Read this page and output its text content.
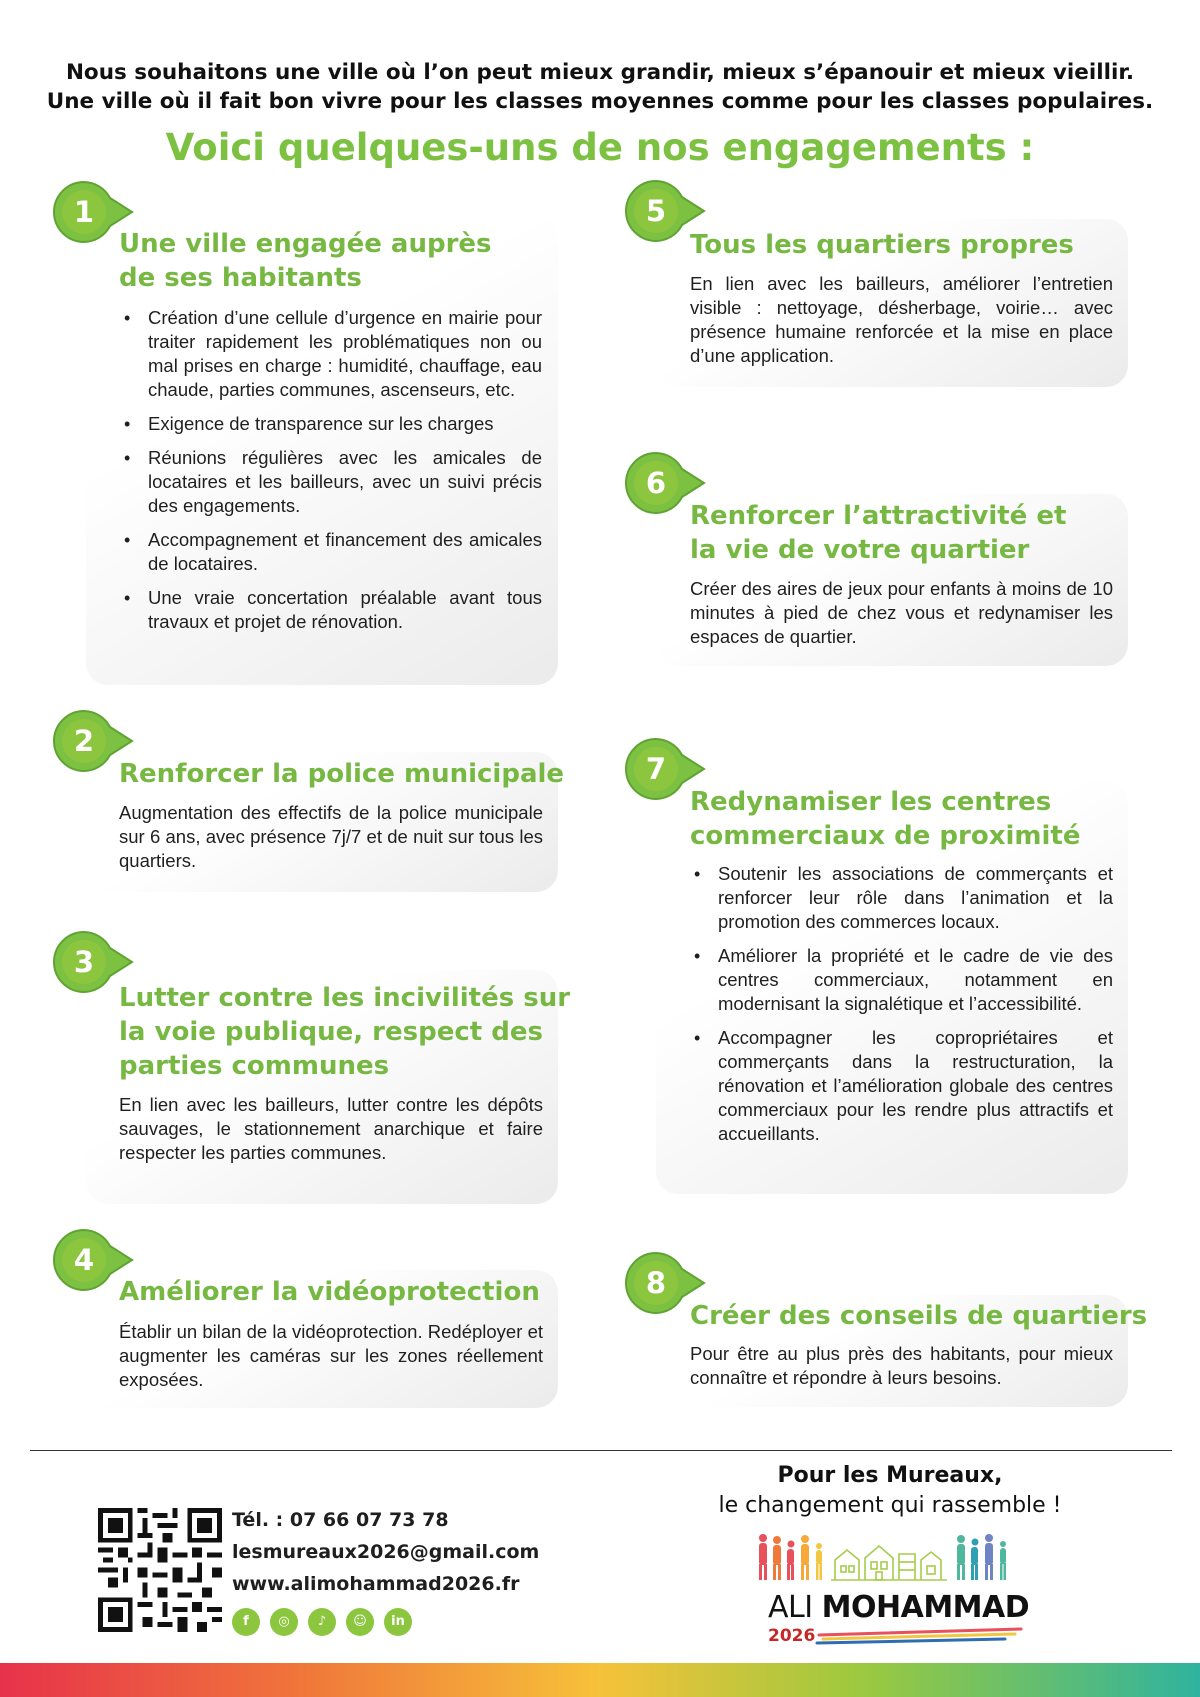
Nous souhaitons une ville où l’on peut mieux grandir, mieux s’épanouir et mieux vieillir.
Une ville où il fait bon vivre pour les classes moyennes comme pour les classes populaires.
Voici quelques-uns de nos engagements :
1
Une ville engagée auprès
de ses habitants
• Création d’une cellule d’urgence en mairie pour traiter rapidement les problématiques non ou mal prises en charge : humidité, chauffage, eau chaude, parties communes, ascenseurs, etc.
• Exigence de transparence sur les charges
• Réunions régulières avec les amicales de locataires et les bailleurs, avec un suivi précis des engagements.
• Accompagnement et financement des amicales de locataires.
• Une vraie concertation préalable avant tous travaux et projet de rénovation.
2
Renforcer la police municipale
Augmentation des effectifs de la police municipale sur 6 ans, avec présence 7j/7 et de nuit sur tous les quartiers.
3
Lutter contre les incivilités sur
la voie publique, respect des
parties communes
En lien avec les bailleurs, lutter contre les dépôts sauvages, le stationnement anarchique et faire respecter les parties communes.
4
Améliorer la vidéoprotection
Établir un bilan de la vidéoprotection. Redéployer et augmenter les caméras sur les zones réellement exposées.
5
Tous les quartiers propres
En lien avec les bailleurs, améliorer l’entretien visible : nettoyage, désherbage, voirie… avec présence humaine renforcée et la mise en place d’une application.
6
Renforcer l’attractivité et
la vie de votre quartier
Créer des aires de jeux pour enfants à moins de 10 minutes à pied de chez vous et redynamiser les espaces de quartier.
7
Redynamiser les centres
commerciaux de proximité
• Soutenir les associations de commerçants et renforcer leur rôle dans l’animation et la promotion des commerces locaux.
• Améliorer la propriété et le cadre de vie des centres commerciaux, notamment en modernisant la signalétique et l’accessibilité.
• Accompagner les copropriétaires et commerçants dans la restructuration, la rénovation et l’amélioration globale des centres commerciaux pour les rendre plus attractifs et accueillants.
8
Créer des conseils de quartiers
Pour être au plus près des habitants, pour mieux connaître et répondre à leurs besoins.
Tél. : 07 66 07 73 78
lesmureaux2026@gmail.com
www.alimohammad2026.fr
f	◎	♪	☺	in
Pour les Mureaux,
le changement qui rassemble !
ALI MOHAMMAD
2026
